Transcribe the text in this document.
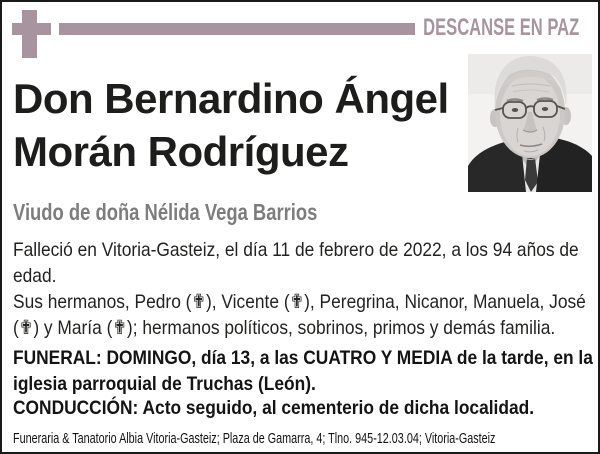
DESCANSE EN PAZ
Don Bernardino Ángel
Morán Rodríguez
Viudo de doña Nélida Vega Barrios
Falleció en Vitoria-Gasteiz, el día 11 de febrero de 2022, a los 94 años de
edad.
Sus hermanos, Pedro (✟), Vicente (✟), Peregrina, Nicanor, Manuela, José
(✟) y María (✟); hermanos políticos, sobrinos, primos y demás familia.
FUNERAL: DOMINGO, día 13, a las CUATRO Y MEDIA de la tarde, en la
iglesia parroquial de Truchas (León).
CONDUCCIÓN: Acto seguido, al cementerio de dicha localidad.
Funeraria & Tanatorio Albia Vitoria-Gasteiz; Plaza de Gamarra, 4; Tlno. 945-12.03.04; Vitoria-Gasteiz
